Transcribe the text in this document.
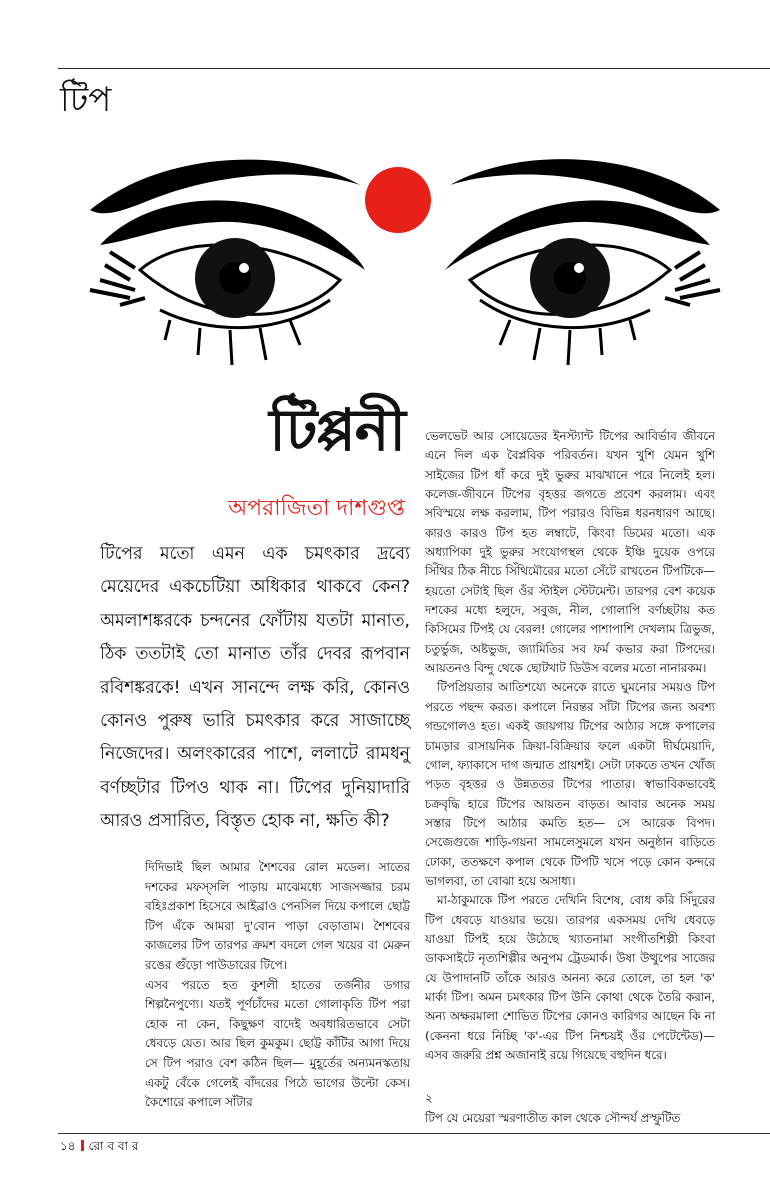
টিপ
টিপ্পনী
অপরাজিতা দাশগুপ্ত

টিপের মতো এমন এক চমৎকার দ্রব্যে মেয়েদের একচেটিয়া অধিকার থাকবে কেন? অমলাশঙ্করকে চন্দনের ফোঁটায় যতটা মানাত, ঠিক ততটাই তো মানাত তাঁর দেবর রূপবান রবিশঙ্করকে! এখন সানন্দে লক্ষ করি, কোনও কোনও পুরুষ ভারি চমৎকার করে সাজাচ্ছে নিজেদের। অলংকারের পাশে, ললাটে রামধনু বর্ণচ্ছটার টিপও থাক না। টিপের দুনিয়াদারি আরও প্রসারিত, বিস্তৃত হোক না, ক্ষতি কী?

দিদিভাই ছিল আমার শৈশবের রোল মডেল। সাতের দশকের মফস্সলি পাড়ায় মাঝেমধ্যে সাজসজ্জার চরম বহিঃপ্রকাশ হিসেবে আইব্রাও পেনসিল দিয়ে কপালে ছোট্ট টিপ এঁকে আমরা দু'বোন পাড়া বেড়াতাম। শৈশবের কাজলের টিপ তারপর ক্রমশ বদলে গেল খয়ের বা মেরুন রঙের গুঁড়ো পাউডারের টিপে।

এসব পরতে হত কুশলী হাতের তর্জনীর ডগার শিল্পনৈপুণ্যে। যতই পূর্ণচাঁদের মতো গোলাকৃতি টিপ পরা হোক না কেন, কিছুক্ষণ বাদেই অবধারিতভাবে সেটা ধেবড়ে যেত। আর ছিল কুমকুম। ছোট্ট কাঁটির আগা দিয়ে সে টিপ পরাও বেশ কঠিন ছিল— মুহূর্তের অন্যমনস্কতায় একটু বেঁকে গেলেই বাঁদরের পিঠে ভাগের উল্টো কেস। কৈশোরে কপালে সাঁটার

ভেলভেট আর সোয়েডের ইনস্ট্যান্ট টিপের আবির্ভাব জীবনে এনে দিল এক বৈপ্লবিক পরিবর্তন। যখন খুশি যেমন খুশি সাইজের টিপ ধাঁ করে দুই ভুরুর মাঝখানে পরে নিলেই হল। কলেজ-জীবনে টিপের বৃহত্তর জগতে প্রবেশ করলাম। এবং সবিস্ময়ে লক্ষ করলাম, টিপ পরারও বিভিন্ন ধরনধারণ আছে। কারও কারও টিপ হত লম্বাটে, কিংবা ডিমের মতো। এক অধ্যাপিকা দুই ভুরুর সংযোগস্থল থেকে ইঞ্চি দুয়েক ওপরে সিঁথির ঠিক নীচে সিঁথিমৌরের মতো সেঁটে রাখতেন টিপটিকে— হয়তো সেটাই ছিল ওঁর স্টাইল স্টেটমেন্ট। তারপর বেশ কয়েক দশকের মধ্যে হলুদে, সবুজ, নীল, গোলাপি বর্ণচ্ছটায় কত কিসিমের টিপই যে বেরল! গোলের পাশাপাশি দেখলাম ত্রিভুজ, চতুর্ভুজ, অষ্টভুজ, জ্যামিতির সব ফর্ম কভার করা টিপদের। আয়তনও বিন্দু থেকে ছোটখাট ডিউস বলের মতো নানারকম।

টিপপ্রিয়তার আতিশয্যে অনেকে রাতে ঘুমনোর সময়ও টিপ পরতে পছন্দ করত। কপালে নিরন্তর সাঁটা টিপের জন্য অবশ্য গন্ডগোলও হত। একই জায়গায় টিপের আঠার সঙ্গে কপালের চামড়ার রাসায়নিক ক্রিয়া-বিক্রিয়ার ফলে একটা দীর্ঘমেয়াদি, গোল, ফ্যাকাসে দাগ জন্মাত প্রায়শই। সেটা ঢাকতে তখন খোঁজ পড়ত বৃহত্তর ও উন্নততর টিপের পাতার। স্বাভাবিকভাবেই চক্রবৃদ্ধি হারে টিপের আয়তন বাড়ত। আবার অনেক সময় সস্তার টিপে আঠার কমতি হত— সে আরেক বিপদ। সেজেগুজে শাড়ি-গয়না সামলেসুমলে যখন অনুষ্ঠান বাড়িতে ঢোকা, ততক্ষণে কপাল থেকে টিপটি খসে পড়ে কোন কন্দরে ভাগলবা, তা বোঝা হয়ে অসাধ্য।

মা-ঠাকুমাকে টিপ পরতে দেখিনি বিশেষ, বোধ করি সিঁদুরের টিপ ধেবড়ে যাওয়ার ভয়ে। তারপর একসময় দেখি ধেবড়ে যাওয়া টিপই হয়ে উঠেছে খ্যাতনামা সংগীতশিল্পী কিংবা ডাকসাইটে নৃত্যশিল্পীর অনুপম ট্রেডমার্ক। উষা উত্থুপের সাজের যে উপাদানটি তাঁকে আরও অনন্য করে তোলে, তা হল 'ক' মার্কা টিপ। অমন চমৎকার টিপ উনি কোথা থেকে তৈরি করান, অন্য অক্ষরমালা শোভিত টিপের কোনও কারিগর আছেন কি না (কেননা ধরে নিচ্ছি 'ক'-এর টিপ নিশ্চয়ই ওঁর পেটেন্টেড)— এসব জরুরি প্রশ্ন অজানাই রয়ে গিয়েছে বহুদিন ধরে।

২

টিপ যে মেয়েরা স্মরণাতীত কাল থেকে সৌন্দর্য প্রস্ফুটিত

১৪ রো ব বা র
